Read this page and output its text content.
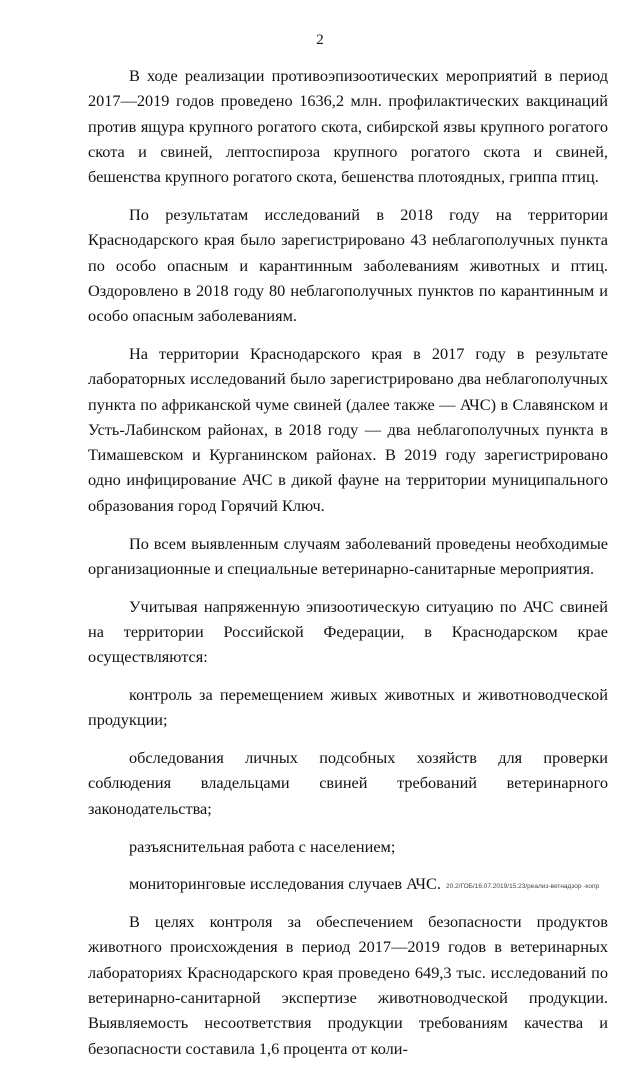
2

В ходе реализации противоэпизоотических мероприятий в период 2017—2019 годов проведено 1636,2 млн. профилактических вакцинаций против ящура крупного рогатого скота, сибирской язвы крупного рогатого скота и свиней, лептоспироза крупного рогатого скота и свиней, бешенства крупного рогатого скота, бешенства плотоядных, гриппа птиц.

По результатам исследований в 2018 году на территории Краснодарского края было зарегистрировано 43 неблагополучных пункта по особо опасным и карантинным заболеваниям животных и птиц. Оздоровлено в 2018 году 80 неблагополучных пунктов по карантинным и особо опасным заболеваниям.

На территории Краснодарского края в 2017 году в результате лабораторных исследований было зарегистрировано два неблагополучных пункта по африканской чуме свиней (далее также — АЧС) в Славянском и Усть-Лабинском районах, в 2018 году — два неблагополучных пункта в Тимашевском и Курганинском районах. В 2019 году зарегистрировано одно инфицирование АЧС в дикой фауне на территории муниципального образования город Горячий Ключ.

По всем выявленным случаям заболеваний проведены необходимые организационные и специальные ветеринарно-санитарные мероприятия.

Учитывая напряженную эпизоотическую ситуацию по АЧС свиней на территории Российской Федерации, в Краснодарском крае осуществляются:

контроль за перемещением живых животных и животноводческой продукции;

обследования личных подсобных хозяйств для проверки соблюдения владельцами свиней требований ветеринарного законодательства;

разъяснительная работа с населением;

мониторинговые исследования случаев АЧС.

В целях контроля за обеспечением безопасности продуктов животного происхождения в период 2017—2019 годов в ветеринарных лабораториях Краснодарского края проведено 649,3 тыс. исследований по ветеринарно-санитарной экспертизе животноводческой продукции. Выявляемость несоответствия продукции требованиям качества и безопасности составила 1,6 процента от коли-

20.2/ГОБ/16.07.2019/15.23/реализ-ветнадзор -копр
